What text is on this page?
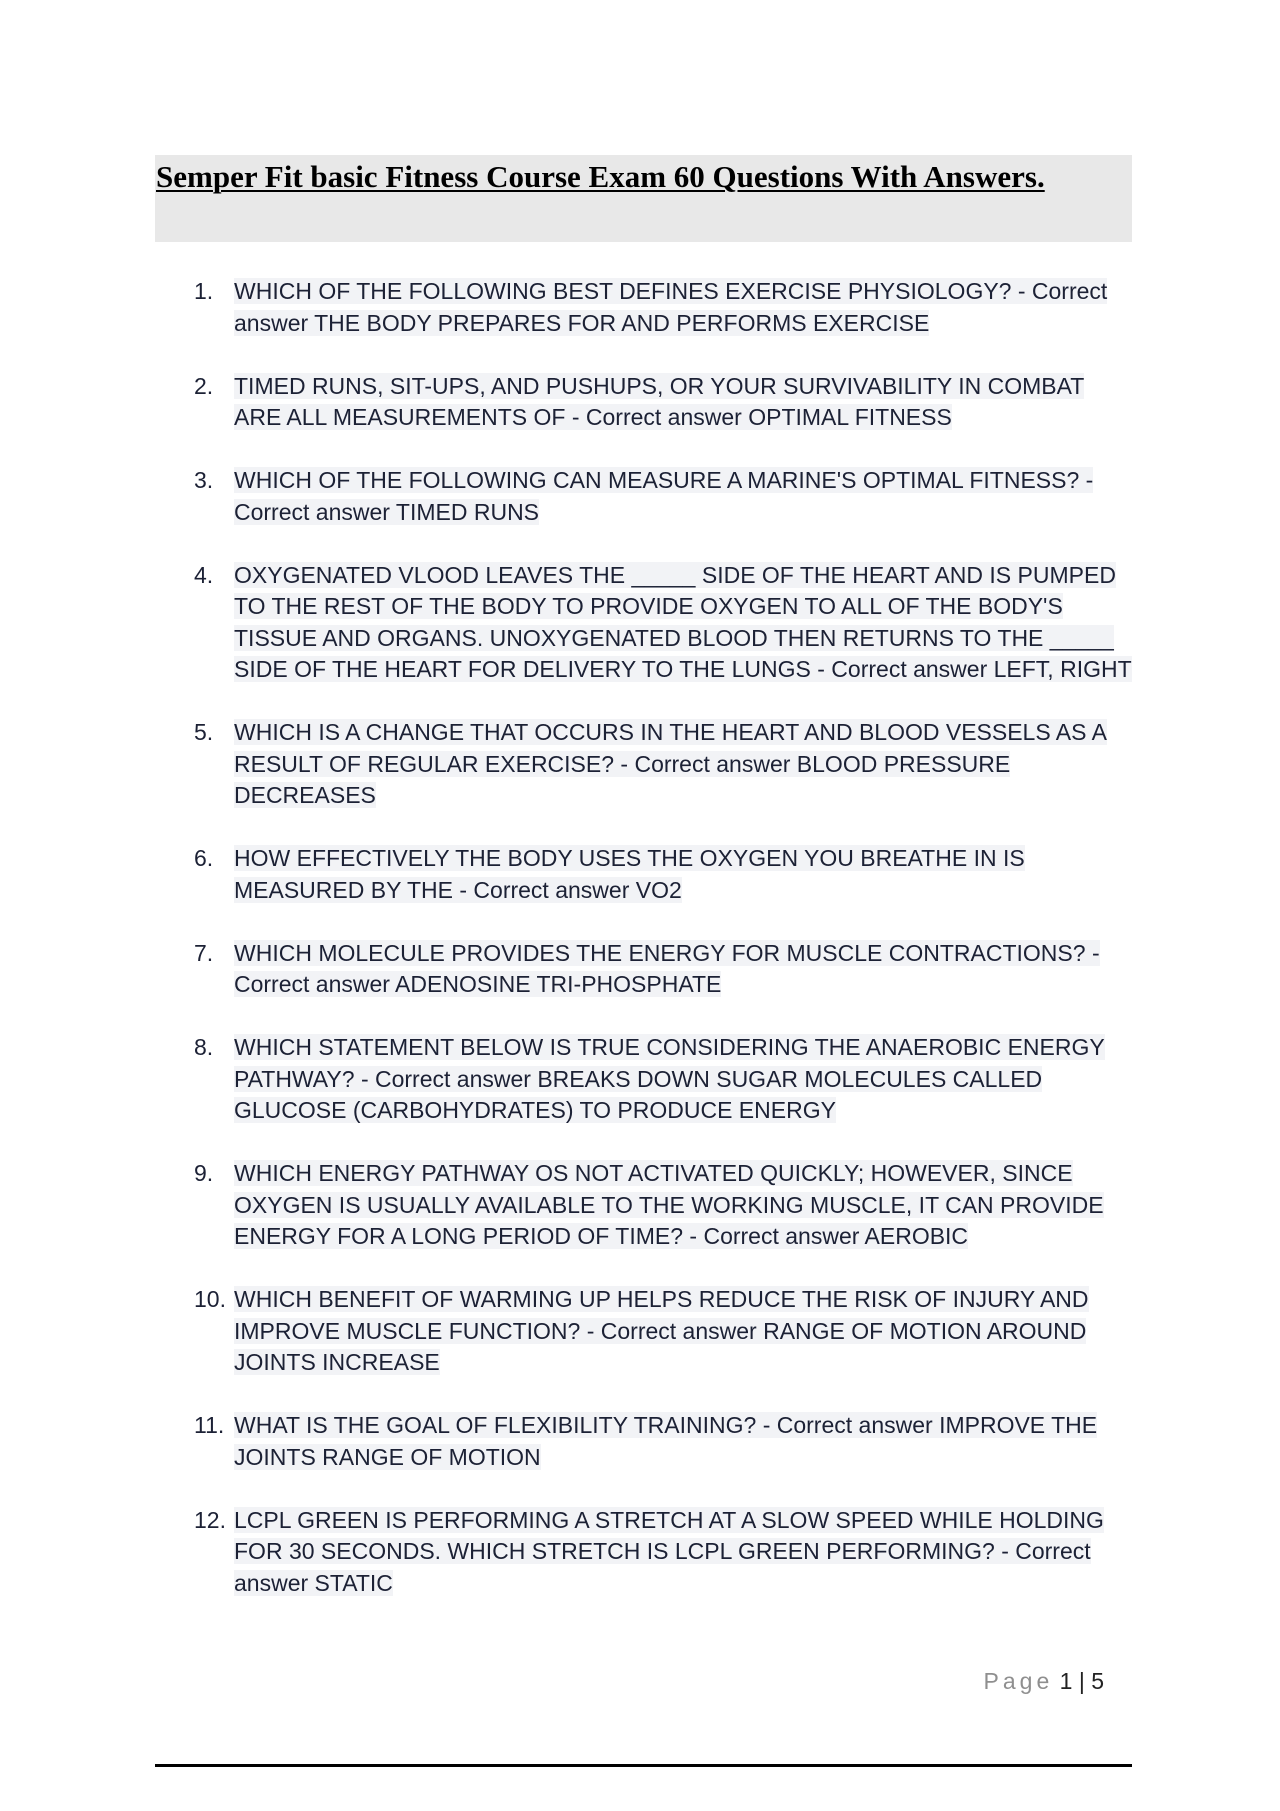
Semper Fit basic Fitness Course Exam 60 Questions With Answers.
1. WHICH OF THE FOLLOWING BEST DEFINES EXERCISE PHYSIOLOGY? - Correct answer THE BODY PREPARES FOR AND PERFORMS EXERCISE
2. TIMED RUNS, SIT-UPS, AND PUSHUPS, OR YOUR SURVIVABILITY IN COMBAT ARE ALL MEASUREMENTS OF - Correct answer OPTIMAL FITNESS
3. WHICH OF THE FOLLOWING CAN MEASURE A MARINE'S OPTIMAL FITNESS? - Correct answer TIMED RUNS
4. OXYGENATED VLOOD LEAVES THE _____ SIDE OF THE HEART AND IS PUMPED TO THE REST OF THE BODY TO PROVIDE OXYGEN TO ALL OF THE BODY'S TISSUE AND ORGANS. UNOXYGENATED BLOOD THEN RETURNS TO THE _____ SIDE OF THE HEART FOR DELIVERY TO THE LUNGS - Correct answer LEFT, RIGHT
5. WHICH IS A CHANGE THAT OCCURS IN THE HEART AND BLOOD VESSELS AS A RESULT OF REGULAR EXERCISE? - Correct answer BLOOD PRESSURE DECREASES
6. HOW EFFECTIVELY THE BODY USES THE OXYGEN YOU BREATHE IN IS MEASURED BY THE - Correct answer VO2
7. WHICH MOLECULE PROVIDES THE ENERGY FOR MUSCLE CONTRACTIONS? - Correct answer ADENOSINE TRI-PHOSPHATE
8. WHICH STATEMENT BELOW IS TRUE CONSIDERING THE ANAEROBIC ENERGY PATHWAY? - Correct answer BREAKS DOWN SUGAR MOLECULES CALLED GLUCOSE (CARBOHYDRATES) TO PRODUCE ENERGY
9. WHICH ENERGY PATHWAY OS NOT ACTIVATED QUICKLY; HOWEVER, SINCE OXYGEN IS USUALLY AVAILABLE TO THE WORKING MUSCLE, IT CAN PROVIDE ENERGY FOR A LONG PERIOD OF TIME? - Correct answer AEROBIC
10. WHICH BENEFIT OF WARMING UP HELPS REDUCE THE RISK OF INJURY AND IMPROVE MUSCLE FUNCTION? - Correct answer RANGE OF MOTION AROUND JOINTS INCREASE
11. WHAT IS THE GOAL OF FLEXIBILITY TRAINING? - Correct answer IMPROVE THE JOINTS RANGE OF MOTION
12. LCPL GREEN IS PERFORMING A STRETCH AT A SLOW SPEED WHILE HOLDING FOR 30 SECONDS. WHICH STRETCH IS LCPL GREEN PERFORMING? - Correct answer STATIC
Page 1 | 5
